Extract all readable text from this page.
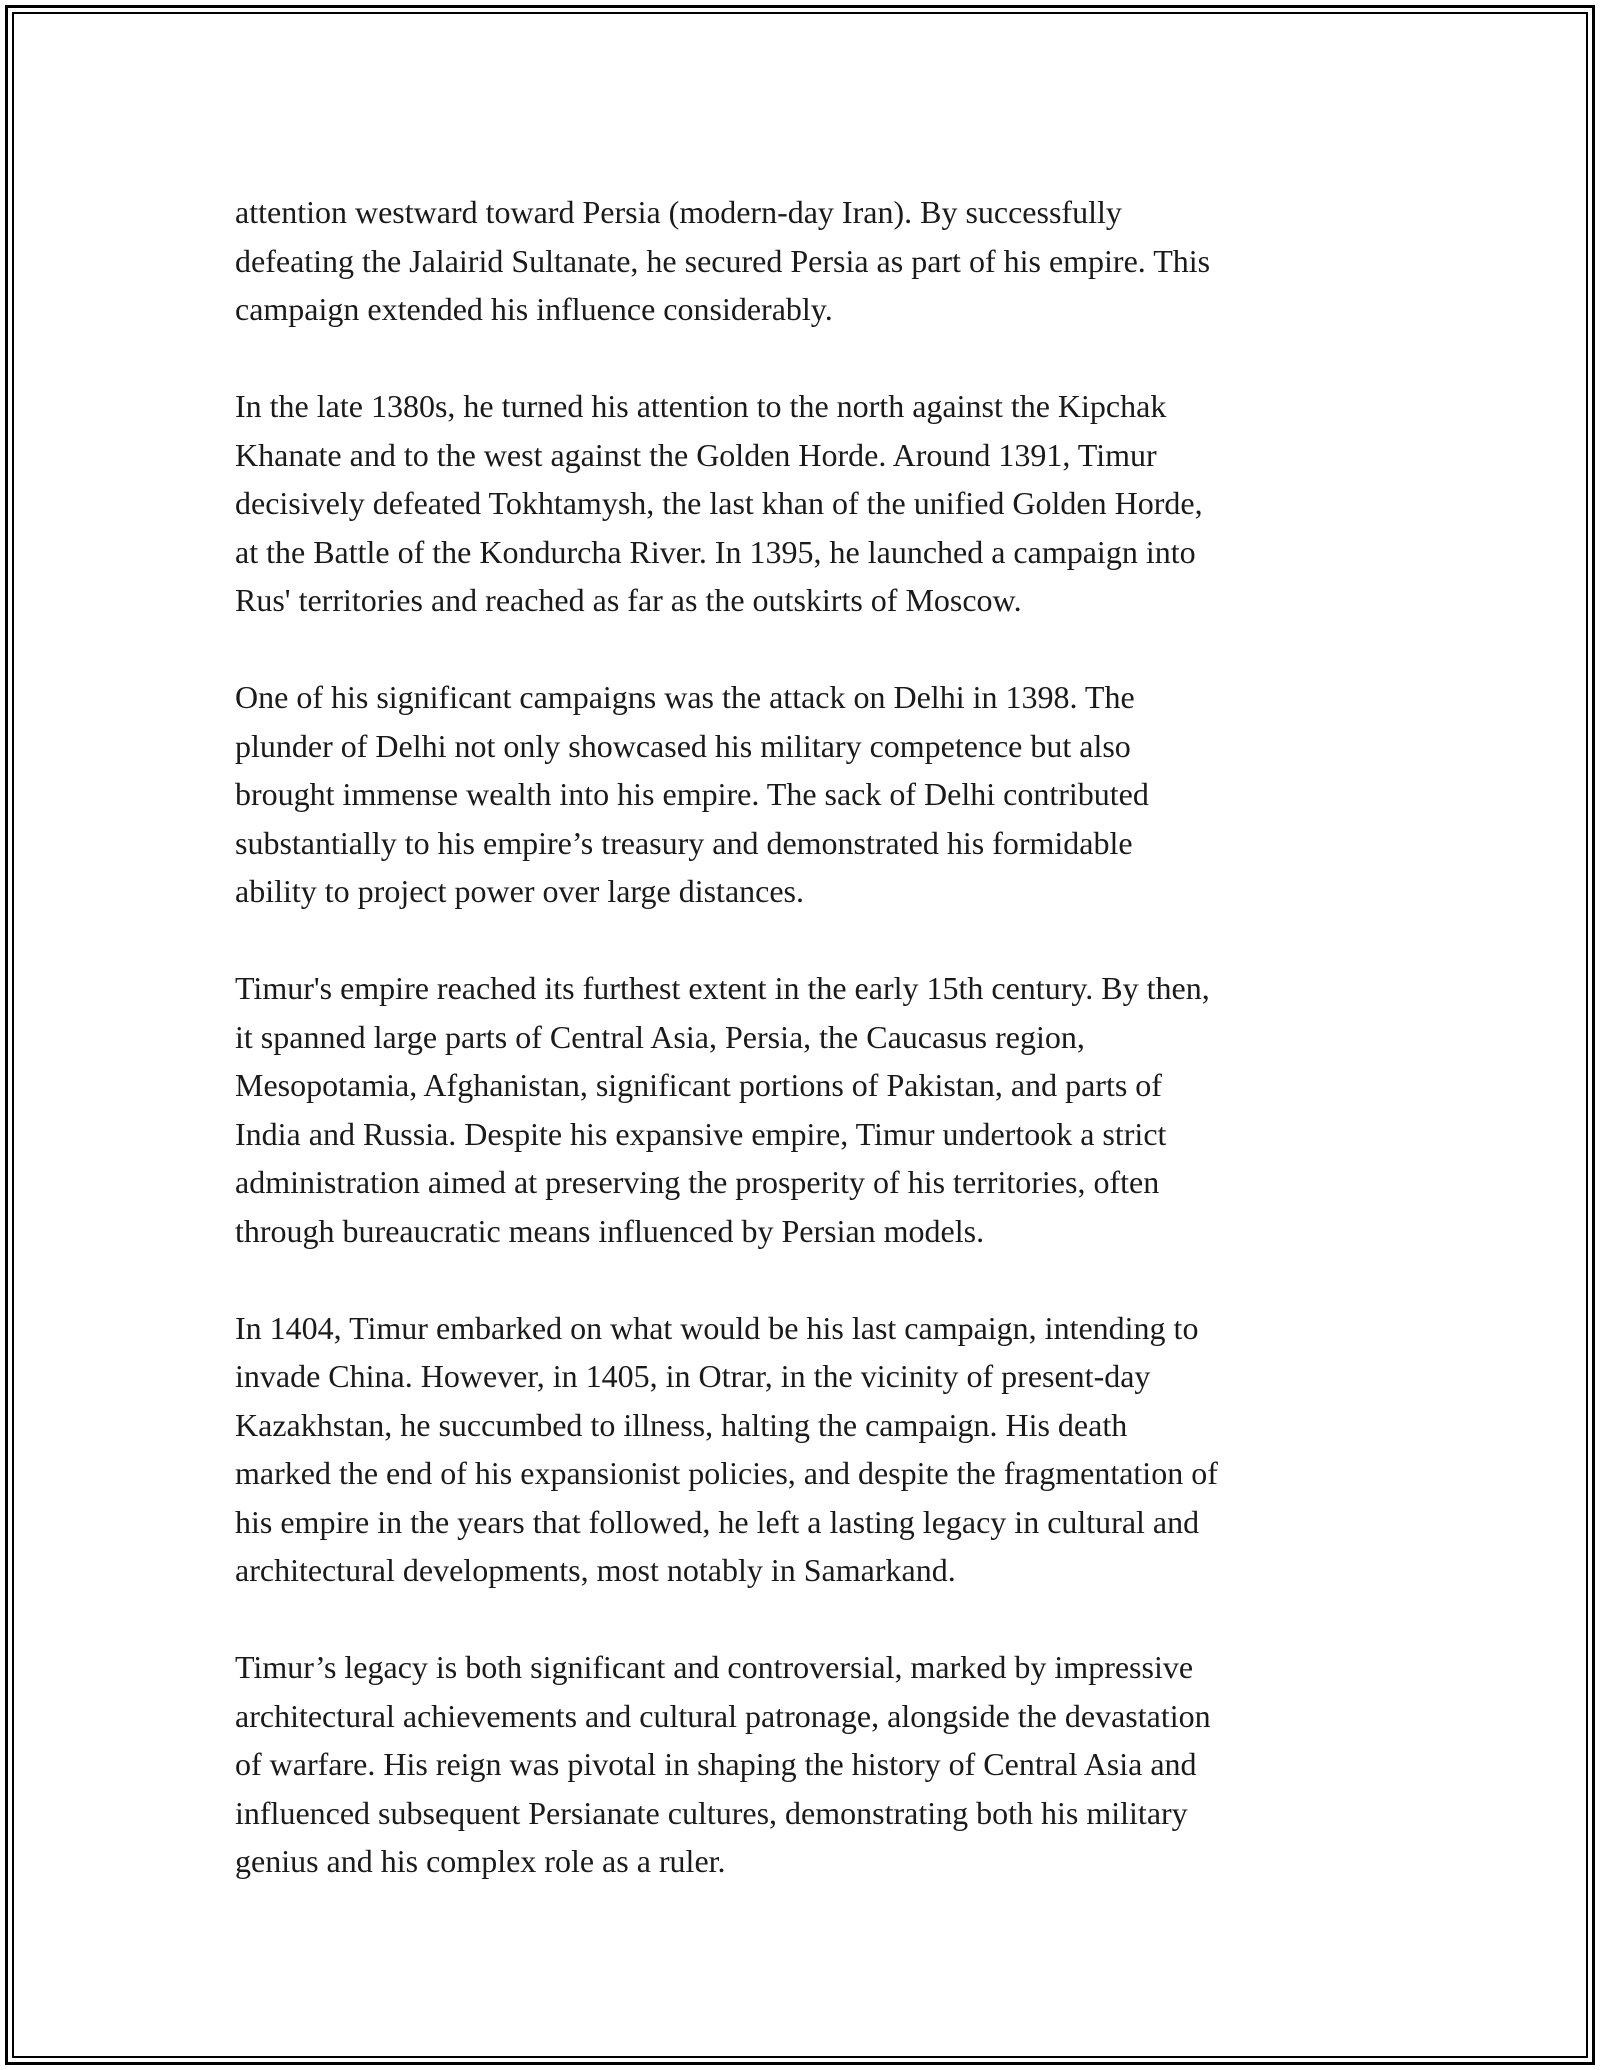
attention westward toward Persia (modern-day Iran). By successfully
defeating the Jalairid Sultanate, he secured Persia as part of his empire. This
campaign extended his influence considerably.

In the late 1380s, he turned his attention to the north against the Kipchak
Khanate and to the west against the Golden Horde. Around 1391, Timur
decisively defeated Tokhtamysh, the last khan of the unified Golden Horde,
at the Battle of the Kondurcha River. In 1395, he launched a campaign into
Rus' territories and reached as far as the outskirts of Moscow.

One of his significant campaigns was the attack on Delhi in 1398. The
plunder of Delhi not only showcased his military competence but also
brought immense wealth into his empire. The sack of Delhi contributed
substantially to his empire’s treasury and demonstrated his formidable
ability to project power over large distances.

Timur's empire reached its furthest extent in the early 15th century. By then,
it spanned large parts of Central Asia, Persia, the Caucasus region,
Mesopotamia, Afghanistan, significant portions of Pakistan, and parts of
India and Russia. Despite his expansive empire, Timur undertook a strict
administration aimed at preserving the prosperity of his territories, often
through bureaucratic means influenced by Persian models.

In 1404, Timur embarked on what would be his last campaign, intending to
invade China. However, in 1405, in Otrar, in the vicinity of present-day
Kazakhstan, he succumbed to illness, halting the campaign. His death
marked the end of his expansionist policies, and despite the fragmentation of
his empire in the years that followed, he left a lasting legacy in cultural and
architectural developments, most notably in Samarkand.

Timur’s legacy is both significant and controversial, marked by impressive
architectural achievements and cultural patronage, alongside the devastation
of warfare. His reign was pivotal in shaping the history of Central Asia and
influenced subsequent Persianate cultures, demonstrating both his military
genius and his complex role as a ruler.
